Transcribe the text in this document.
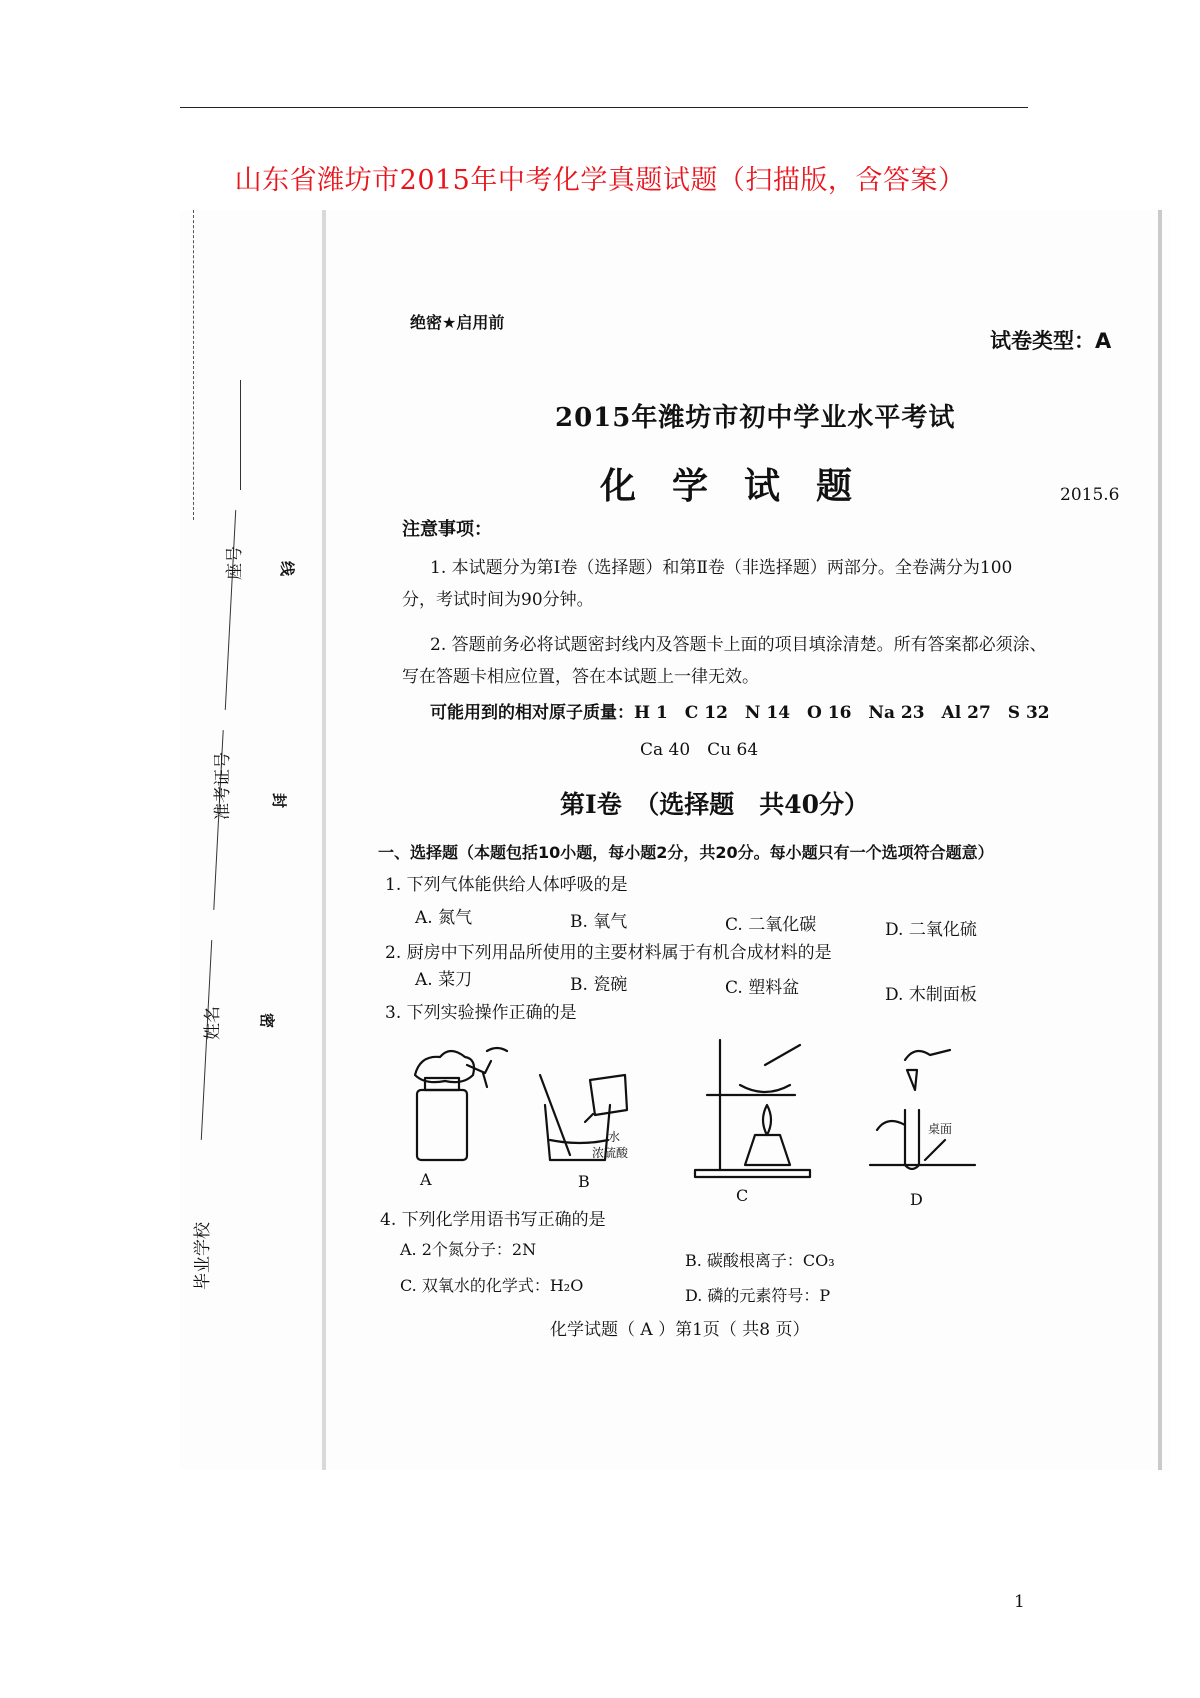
山东省潍坊市2015年中考化学真题试题（扫描版，含答案）
座号
准考证号
姓名
毕业学校
线
封
密
绝密★启用前
试卷类型：A
2015年潍坊市初中学业水平考试
化　学　试　题	2015.6
注意事项：
1. 本试题分为第Ⅰ卷（选择题）和第Ⅱ卷（非选择题）两部分。全卷满分为100
分，考试时间为90分钟。
2. 答题前务必将试题密封线内及答题卡上面的项目填涂清楚。所有答案都必须涂、
写在答题卡相应位置，答在本试题上一律无效。
可能用到的相对原子质量：H 1　C 12　N 14　O 16　Na 23　Al 27　S 32
Ca 40　Cu 64
第Ⅰ卷　（选择题　共40分）
一、选择题（本题包括10小题，每小题2分，共20分。每小题只有一个选项符合题意）
1. 下列气体能供给人体呼吸的是
A. 氮气	B. 氧气	C. 二氧化碳	D. 二氧化硫
2. 厨房中下列用品所使用的主要材料属于有机合成材料的是
A. 菜刀	B. 瓷碗	C. 塑料盆	D. 木制面板
3. 下列实验操作正确的是
A
水
浓硫酸
B
C
桌面
D
4. 下列化学用语书写正确的是
A. 2个氮分子：2N
B. 碳酸根离子：CO₃
C. 双氧水的化学式：H₂O
D. 磷的元素符号：P
化学试题（ A ）第1页（ 共8 页）
1
